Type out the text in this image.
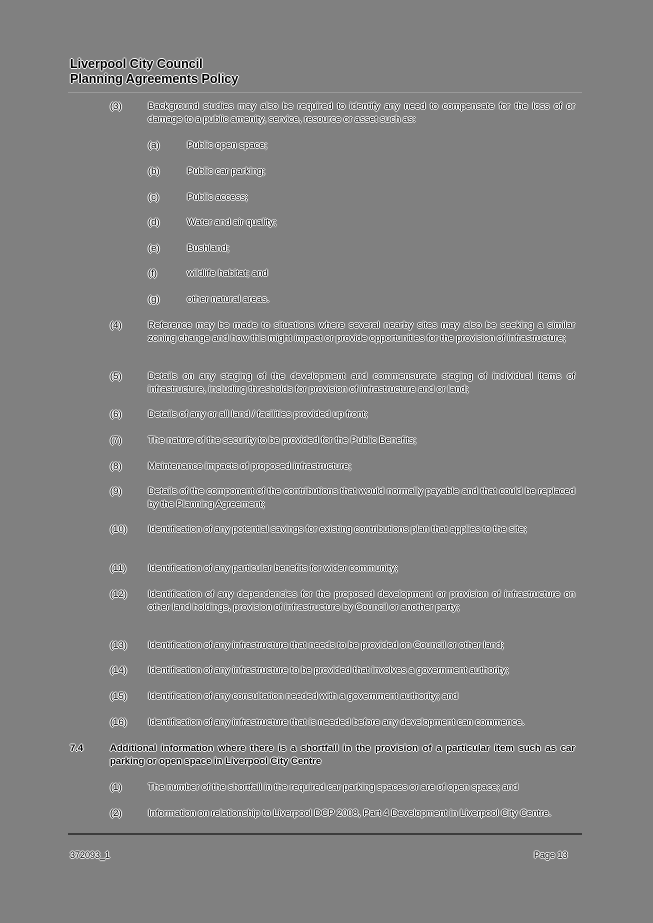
Liverpool City Council
Planning Agreements Policy
(3)	Background studies may also be required to identify any need to compensate for the loss of or damage to a public amenity, service, resource or asset such as:
(a)	Public open space;
(b)	Public car parking;
(c)	Public access;
(d)	Water and air quality;
(e)	Bushland;
(f)	wildlife habitat; and
(g)	other natural areas.
(4)	Reference may be made to situations where several nearby sites may also be seeking a similar zoning change and how this might impact or provide opportunities for the provision of infrastructure;
(5)	Details on any staging of the development and commensurate staging of individual items of infrastructure, including thresholds for provision of infrastructure and or land;
(6)	Details of any or all land / facilities provided up front;
(7)	The nature of the security to be provided for the Public Benefits;
(8)	Maintenance impacts of proposed infrastructure;
(9)	Details of the component of the contributions that would normally payable and that could be replaced by the Planning Agreement;
(10) Identification of any potential savings for existing contributions plan that applies to the site;
(11) Identification of any particular benefits for wider community;
(12) Identification of any dependencies for the proposed development or provision of infrastructure on other land holdings, provision of infrastructure by Council or another party;
(13) Identification of any infrastructure that needs to be provided on Council or other land;
(14) Identification of any infrastructure to be provided that involves a government authority;
(15) Identification of any consultation needed with a government authority; and
(16) Identification of any infrastructure that is needed before any development can commence.
7.4	Additional information where there is a shortfall in the provision of a particular item such as car parking or open space in Liverpool City Centre
(1)	The number of the shortfall in the required car parking spaces or are of open space; and
(2)	Information on relationship to Liverpool DCP 2008, Part 4 Development in Liverpool City Centre.
372093_1	Page 13
